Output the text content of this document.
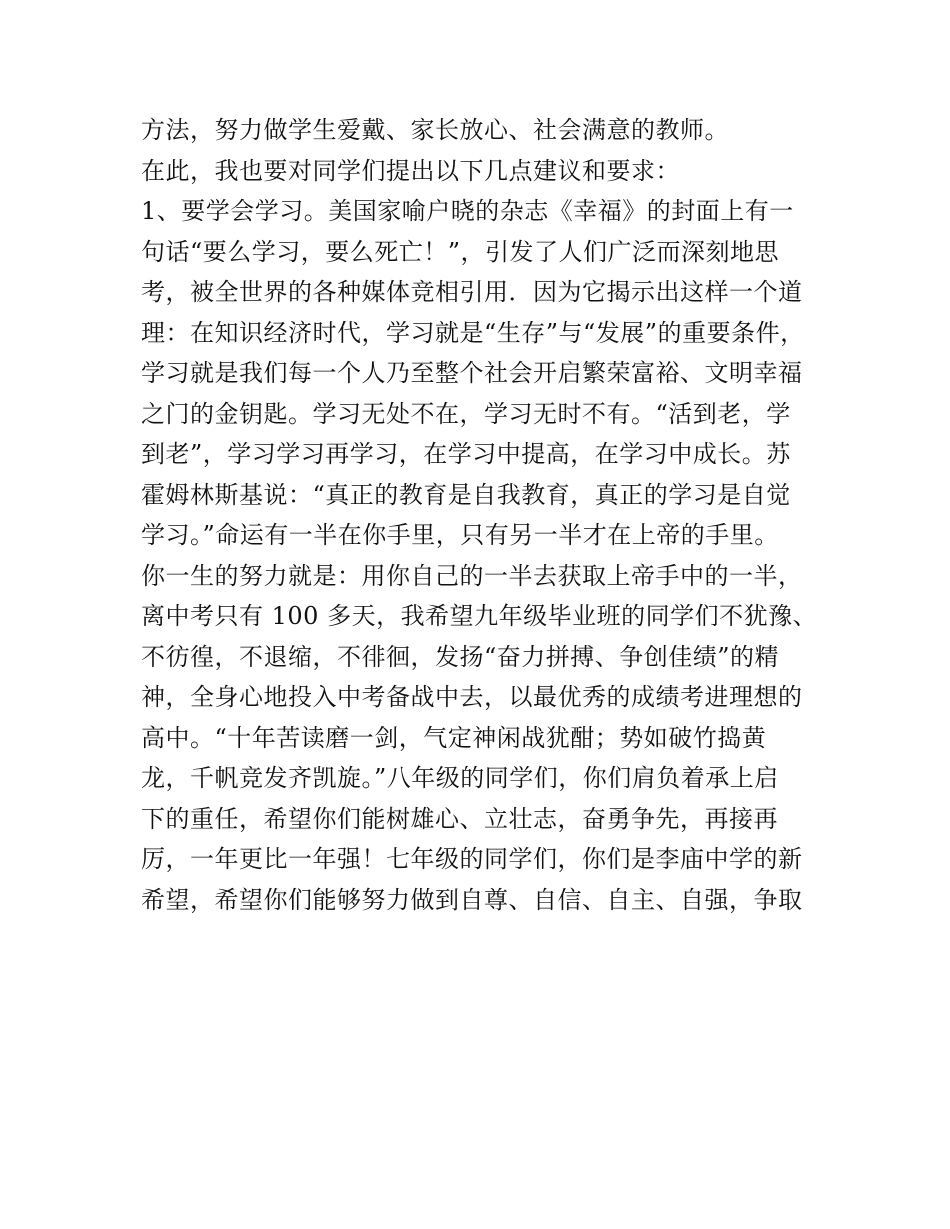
方法，努力做学生爱戴、家长放心、社会满意的教师。
在此，我也要对同学们提出以下几点建议和要求：
1、要学会学习。美国家喻户晓的杂志《幸福》的封面上有一
句话“要么学习，要么死亡！”，引发了人们广泛而深刻地思
考，被全世界的各种媒体竞相引用．因为它揭示出这样一个道
理：在知识经济时代，学习就是“生存”与“发展”的重要条件，
学习就是我们每一个人乃至整个社会开启繁荣富裕、文明幸福
之门的金钥匙。学习无处不在，学习无时不有。“活到老，学
到老”，学习学习再学习，在学习中提高，在学习中成长。苏
霍姆林斯基说：“真正的教育是自我教育，真正的学习是自觉
学习。”命运有一半在你手里，只有另一半才在上帝的手里。
你一生的努力就是：用你自己的一半去获取上帝手中的一半，
离中考只有 100 多天，我希望九年级毕业班的同学们不犹豫、
不彷徨，不退缩，不徘徊，发扬“奋力拼搏、争创佳绩”的精
神，全身心地投入中考备战中去，以最优秀的成绩考进理想的
高中。“十年苦读磨一剑，气定神闲战犹酣；势如破竹捣黄
龙，千帆竞发齐凯旋。”八年级的同学们，你们肩负着承上启
下的重任，希望你们能树雄心、立壮志，奋勇争先，再接再
厉，一年更比一年强！七年级的同学们，你们是李庙中学的新
希望，希望你们能够努力做到自尊、自信、自主、自强，争取
